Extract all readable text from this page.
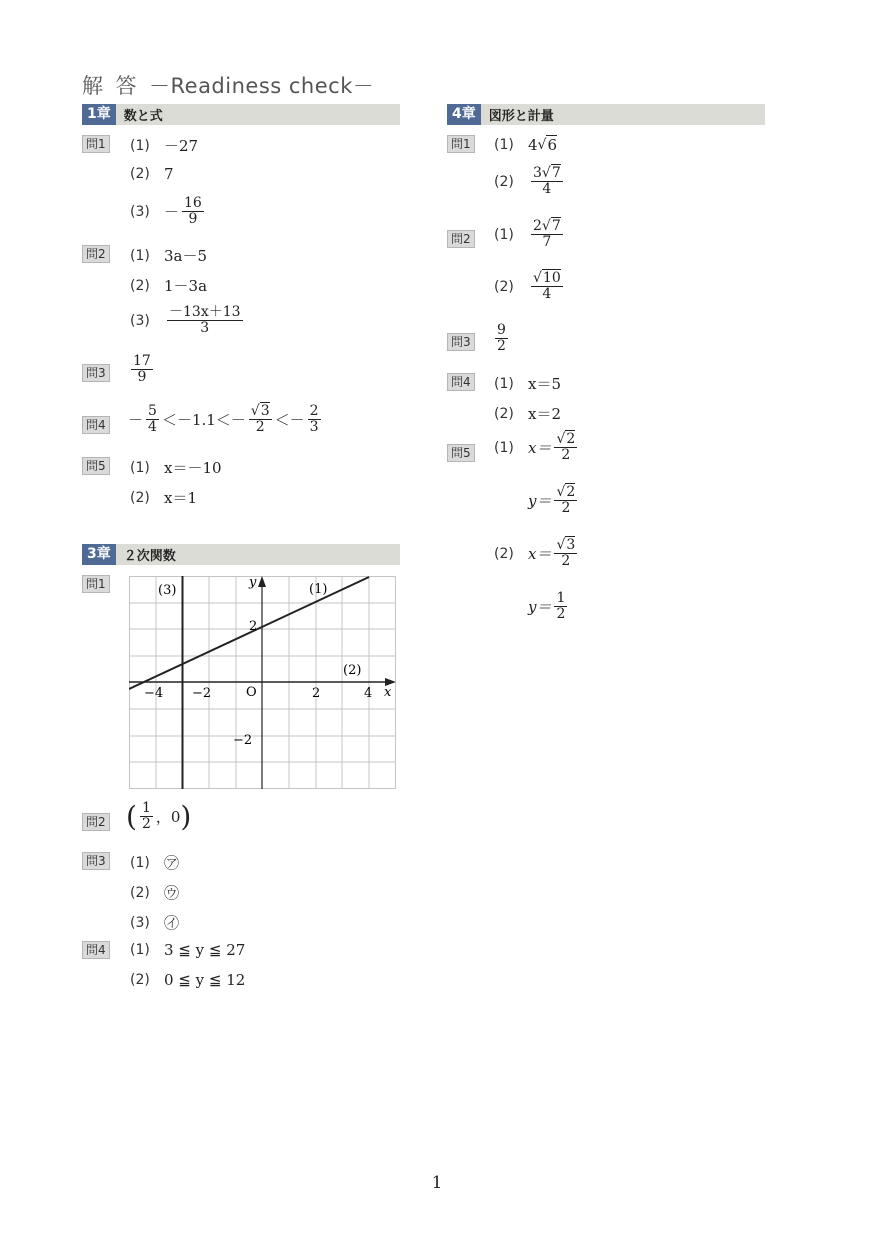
解 答 －Readiness check－
1章	数と式
問1 (1) －27
(2) 7
$(3) - \frac{16}{9}$
問2 (1) 3a－5
(2) 1－3a
(3)	$\frac{-13x+13}{3}$
問$3 \frac{17}{9}$
問$4 - \frac{5}{4} <-1.1<- \frac{√3}{2} <- \frac{2}{3}$
問5 (1) x＝－10
(2) x＝1
3章	２次関数
問1	(3)	(1)
(2)
y
x
O
2
−2
−4 −2	2	4
問2 ( $\frac{1}{2}$ ，0 )
問3 (1) ㋐
(2) ㋒
(3) ㋑
問4 (1) 3 ≦ y ≦ 27
(2) 0 ≦ y ≦ 12
4章	図形と計量
問1 (1) 4 √ 6
(2)	$\frac{3√7}{4}$
問2 (1)	$\frac{2√7}{7}$
(2)	$\frac{√10}{4}$
問$3 \frac{9}{2}$
問4 (1) x＝5
(2) x＝2
問5 (1) $x= \frac{√2}{2}$
$y= \frac{√2}{2}$
(2) $x= \frac{√3}{2}$
$y= \frac{1}{2}$
1
